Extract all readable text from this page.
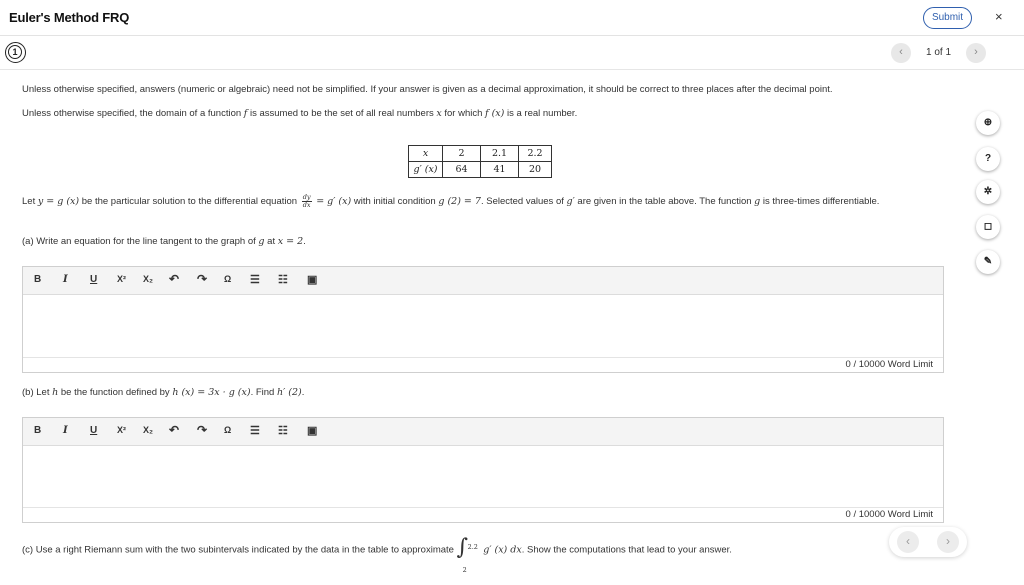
Euler's Method FRQ	Submit	×
1	‹	1 of 1	›
Unless otherwise specified, answers (numeric or algebraic) need not be simplified. If your answer is given as a decimal approximation, it should be correct to three places after the decimal point.
Unless otherwise specified, the domain of a function f is assumed to be the set of all real numbers x for which f (x) is a real number.
x	2	2.1	2.2
g′ (x)	64	41	20
Let y = g (x) be the particular solution to the differential equation $\frac{dy}{dx} = g'$ (x) with initial condition g (2) = 7. Selected values of g′ are given in the table above. The function g is three-times differentiable.
(a) Write an equation for the line tangent to the graph of g at x = 2.
B I U X² X₂ ↶ ↷ Ω ☰ ☷ ▣
0 / 10000 Word Limit
(b) Let h be the function defined by h (x) = 3x · g (x). Find h′ (2).
B I U X² X₂ ↶ ↷ Ω ☰ ☷ ▣
0 / 10000 Word Limit
(c) Use a right Riemann sum with the two subintervals indicated by the data in the table to approximate ∫ 2.2
2
g′ (x) dx. Show the computations that lead to your answer.
⊕
?
✲
◻
✎
‹	›
